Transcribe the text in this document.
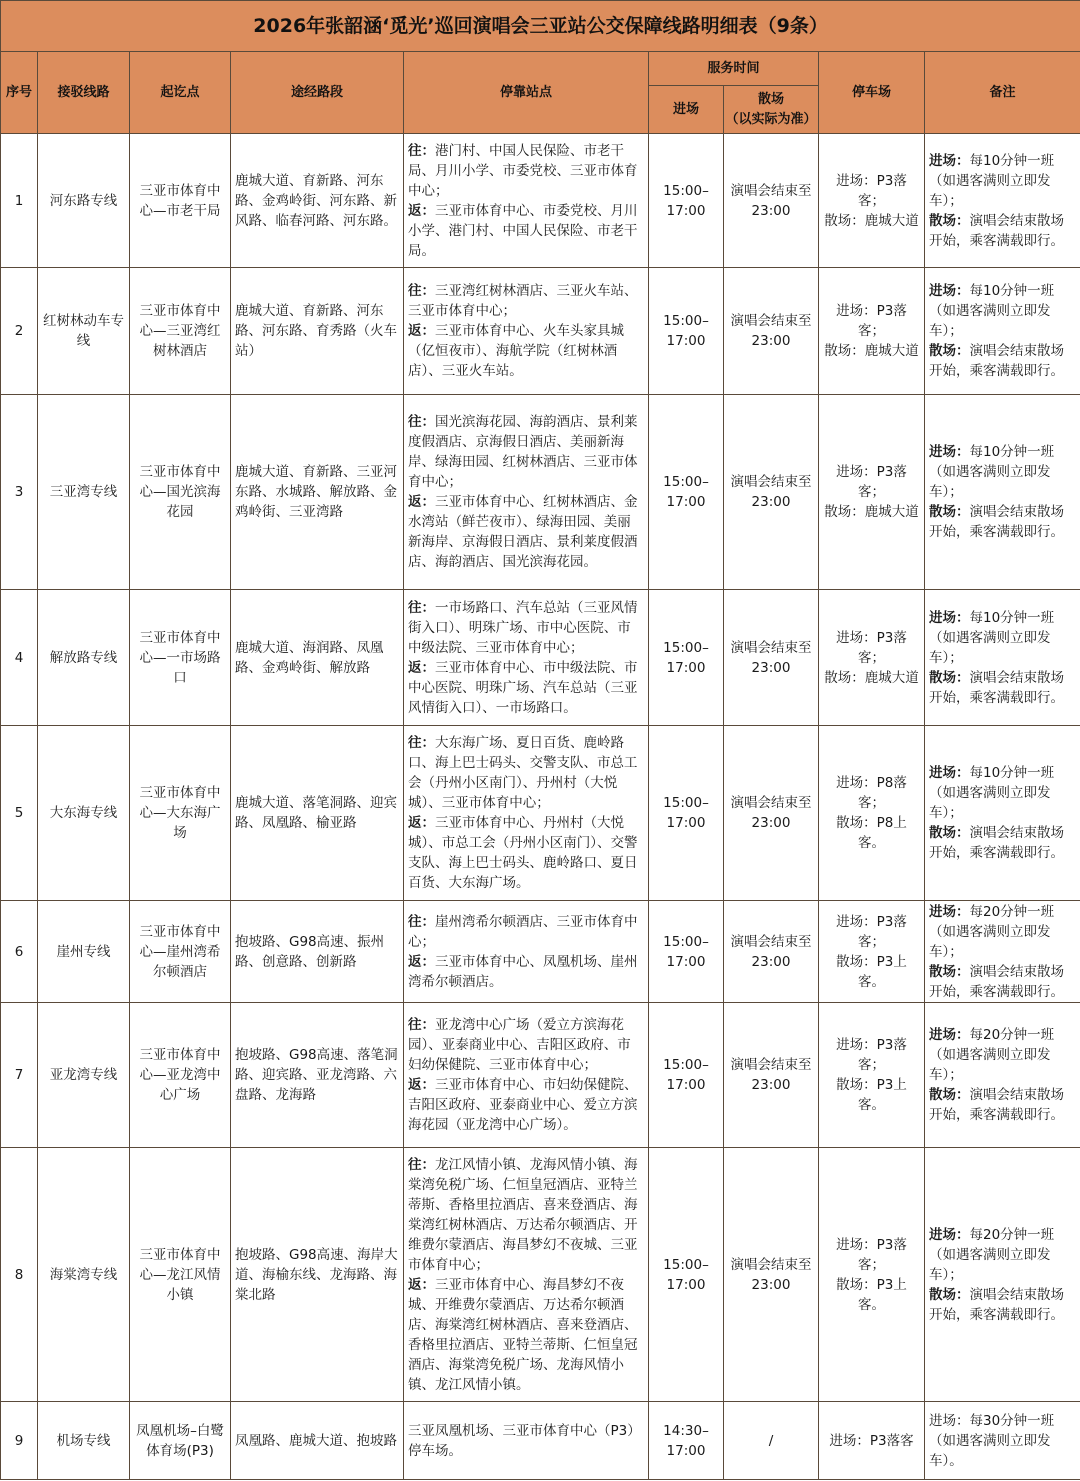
2026年张韶涵‘觅光’巡回演唱会三亚站公交保障线路明细表（9条）								
序号	接驳线路	起讫点	途经路段	停靠站点	服务时间		停车场	备注
					进场	散场
（以实际为准）		

1	河东路专线	三亚市体育中心—市老干局	鹿城大道、育新路、河东路、金鸡岭街、河东路、新风路、临春河路、河东路。	往：港门村、中国人民保险、市老干局、月川小学、市委党校、三亚市体育中心；
返：三亚市体育中心、市委党校、月川小学、港门村、中国人民保险、市老干局。	15:00–17:00	演唱会结束至23:00	进场：P3落客；
散场：鹿城大道	进场：每10分钟一班（如遇客满则立即发车）；
散场：演唱会结束散场开始，乘客满载即行。
2	红树林动车专线	三亚市体育中心—三亚湾红树林酒店	鹿城大道、育新路、河东路、河东路、育秀路（火车站）	往：三亚湾红树林酒店、三亚火车站、三亚市体育中心；
返：三亚市体育中心、火车头家具城（亿恒夜市）、海航学院（红树林酒店）、三亚火车站。	15:00–17:00	演唱会结束至23:00	进场：P3落客；
散场：鹿城大道	进场：每10分钟一班（如遇客满则立即发车）；
散场：演唱会结束散场开始，乘客满载即行。
3	三亚湾专线	三亚市体育中心—国光滨海花园	鹿城大道、育新路、三亚河东路、水城路、解放路、金鸡岭街、三亚湾路	往：国光滨海花园、海韵酒店、景利莱度假酒店、京海假日酒店、美丽新海岸、绿海田园、红树林酒店、三亚市体育中心；
返：三亚市体育中心、红树林酒店、金水湾站（鲜芒夜市）、绿海田园、美丽新海岸、京海假日酒店、景利莱度假酒店、海韵酒店、国光滨海花园。	15:00–17:00	演唱会结束至23:00	进场：P3落客；
散场：鹿城大道	进场：每10分钟一班（如遇客满则立即发车）；
散场：演唱会结束散场开始，乘客满载即行。
4	解放路专线	三亚市体育中心—一市场路口	鹿城大道、海润路、凤凰路、金鸡岭街、解放路	往：一市场路口、汽车总站（三亚风情街入口）、明珠广场、市中心医院、市中级法院、三亚市体育中心；
返：三亚市体育中心、市中级法院、市中心医院、明珠广场、汽车总站（三亚风情街入口）、一市场路口。	15:00–17:00	演唱会结束至23:00	进场：P3落客；
散场：鹿城大道	进场：每10分钟一班（如遇客满则立即发车）；
散场：演唱会结束散场开始，乘客满载即行。
5	大东海专线	三亚市体育中心—大东海广场	鹿城大道、落笔洞路、迎宾路、凤凰路、榆亚路	往：大东海广场、夏日百货、鹿岭路口、海上巴士码头、交警支队、市总工会（丹州小区南门）、丹州村（大悦城）、三亚市体育中心；
返：三亚市体育中心、丹州村（大悦城）、市总工会（丹州小区南门）、交警支队、海上巴士码头、鹿岭路口、夏日百货、大东海广场。	15:00–17:00	演唱会结束至23:00	进场：P8落客；
散场：P8上客。	进场：每10分钟一班（如遇客满则立即发车）；
散场：演唱会结束散场开始，乘客满载即行。
6	崖州专线	三亚市体育中心—崖州湾希尔顿酒店	抱坡路、G98高速、振州路、创意路、创新路	往：崖州湾希尔顿酒店、三亚市体育中心；
返：三亚市体育中心、凤凰机场、崖州湾希尔顿酒店。	15:00–17:00	演唱会结束至23:00	进场：P3落客；
散场：P3上客。	进场：每20分钟一班（如遇客满则立即发车）；
散场：演唱会结束散场开始，乘客满载即行。
7	亚龙湾专线	三亚市体育中心—亚龙湾中心广场	抱坡路、G98高速、落笔洞路、迎宾路、亚龙湾路、六盘路、龙海路	往：亚龙湾中心广场（爱立方滨海花园）、亚泰商业中心、吉阳区政府、市妇幼保健院、三亚市体育中心；
返：三亚市体育中心、市妇幼保健院、吉阳区政府、亚泰商业中心、爱立方滨海花园（亚龙湾中心广场）。	15:00–17:00	演唱会结束至23:00	进场：P3落客；
散场：P3上客。	进场：每20分钟一班（如遇客满则立即发车）；
散场：演唱会结束散场开始，乘客满载即行。
8	海棠湾专线	三亚市体育中心—龙江风情小镇	抱坡路、G98高速、海岸大道、海榆东线、龙海路、海棠北路	往：龙江风情小镇、龙海风情小镇、海棠湾免税广场、仁恒皇冠酒店、亚特兰蒂斯、香格里拉酒店、喜来登酒店、海棠湾红树林酒店、万达希尔顿酒店、开维费尔蒙酒店、海昌梦幻不夜城、三亚市体育中心；
返：三亚市体育中心、海昌梦幻不夜城、开维费尔蒙酒店、万达希尔顿酒店、海棠湾红树林酒店、喜来登酒店、香格里拉酒店、亚特兰蒂斯、仁恒皇冠酒店、海棠湾免税广场、龙海风情小镇、龙江风情小镇。	15:00–17:00	演唱会结束至23:00	进场：P3落客；
散场：P3上客。	进场：每20分钟一班（如遇客满则立即发车）；
散场：演唱会结束散场开始，乘客满载即行。
9	机场专线	凤凰机场–白鹭体育场(P3)	凤凰路、鹿城大道、抱坡路	三亚凤凰机场、三亚市体育中心（P3）停车场。	14:30–17:00	/	进场：P3落客	进场：每30分钟一班（如遇客满则立即发车）。
